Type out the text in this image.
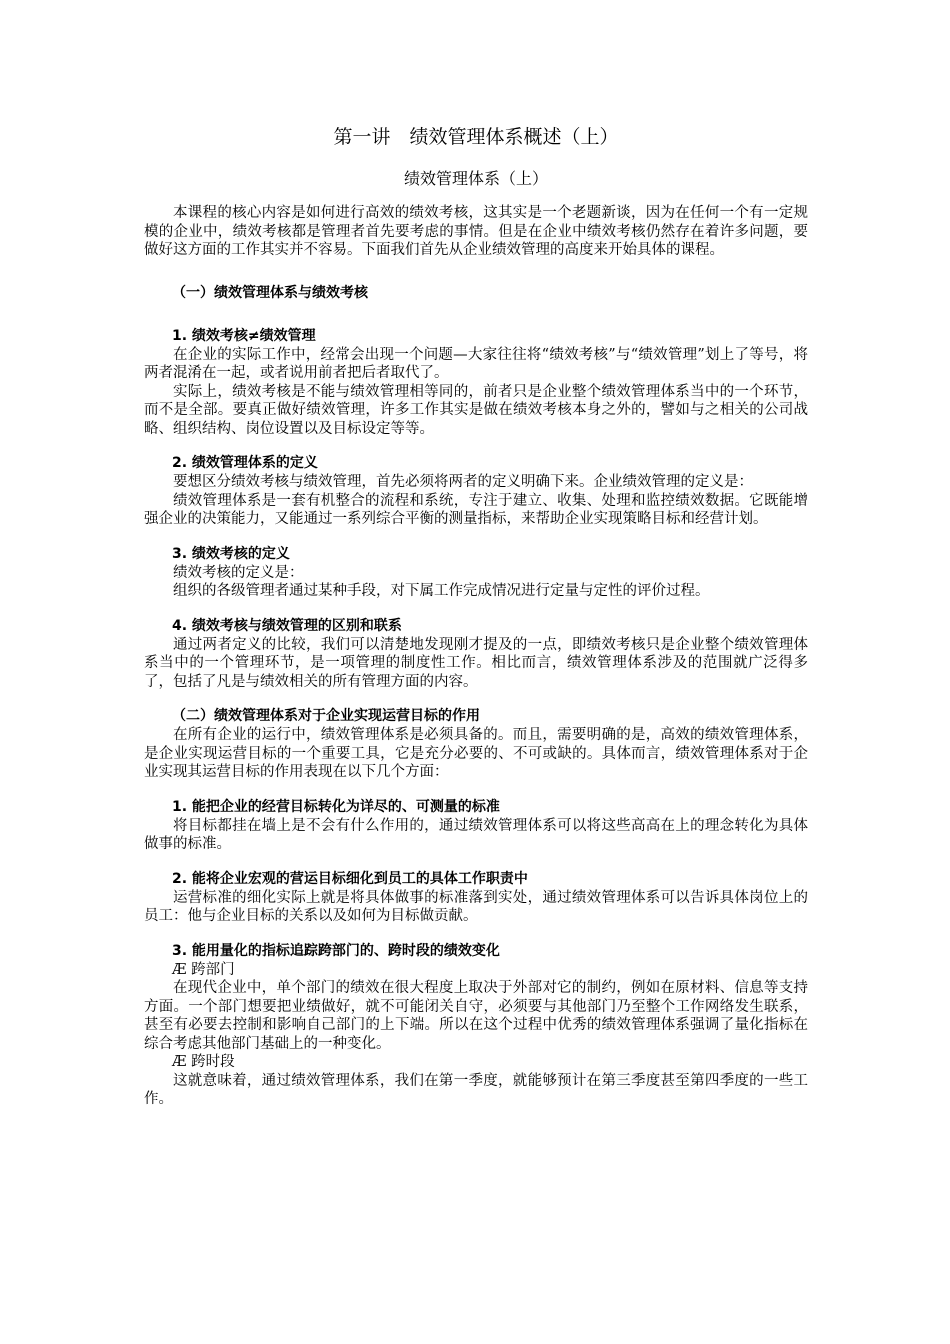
第一讲　绩效管理体系概述（上）
绩效管理体系（上）

本课程的核心内容是如何进行高效的绩效考核，这其实是一个老题新谈，因为在任何一个有一定规模的企业中，绩效考核都是管理者首先要考虑的事情。但是在企业中绩效考核仍然存在着许多问题，要做好这方面的工作其实并不容易。下面我们首先从企业绩效管理的高度来开始具体的课程。

（一）绩效管理体系与绩效考核
1. 绩效考核≠绩效管理

在企业的实际工作中，经常会出现一个问题—大家往往将“绩效考核”与“绩效管理”划上了等号，将两者混淆在一起，或者说用前者把后者取代了。

实际上，绩效考核是不能与绩效管理相等同的，前者只是企业整个绩效管理体系当中的一个环节，而不是全部。要真正做好绩效管理，许多工作其实是做在绩效考核本身之外的，譬如与之相关的公司战略、组织结构、岗位设置以及目标设定等等。

2. 绩效管理体系的定义

要想区分绩效考核与绩效管理，首先必须将两者的定义明确下来。企业绩效管理的定义是：

绩效管理体系是一套有机整合的流程和系统，专注于建立、收集、处理和监控绩效数据。它既能增强企业的决策能力，又能通过一系列综合平衡的测量指标，来帮助企业实现策略目标和经营计划。

3. 绩效考核的定义

绩效考核的定义是：

组织的各级管理者通过某种手段，对下属工作完成情况进行定量与定性的评价过程。

4. 绩效考核与绩效管理的区别和联系

通过两者定义的比较，我们可以清楚地发现刚才提及的一点，即绩效考核只是企业整个绩效管理体系当中的一个管理环节，是一项管理的制度性工作。相比而言，绩效管理体系涉及的范围就广泛得多了，包括了凡是与绩效相关的所有管理方面的内容。

（二）绩效管理体系对于企业实现运营目标的作用

在所有企业的运行中，绩效管理体系是必须具备的。而且，需要明确的是，高效的绩效管理体系，是企业实现运营目标的一个重要工具，它是充分必要的、不可或缺的。具体而言，绩效管理体系对于企业实现其运营目标的作用表现在以下几个方面：

1. 能把企业的经营目标转化为详尽的、可测量的标准

将目标都挂在墙上是不会有什么作用的，通过绩效管理体系可以将这些高高在上的理念转化为具体做事的标准。

2. 能将企业宏观的营运目标细化到员工的具体工作职责中

运营标准的细化实际上就是将具体做事的标准落到实处，通过绩效管理体系可以告诉具体岗位上的员工：他与企业目标的关系以及如何为目标做贡献。

3. 能用量化的指标追踪跨部门的、跨时段的绩效变化
Æ 跨部门

在现代企业中，单个部门的绩效在很大程度上取决于外部对它的制约，例如在原材料、信息等支持方面。一个部门想要把业绩做好，就不可能闭关自守，必须要与其他部门乃至整个工作网络发生联系，甚至有必要去控制和影响自己部门的上下端。所以在这个过程中优秀的绩效管理体系强调了量化指标在综合考虑其他部门基础上的一种变化。

Æ 跨时段

这就意味着，通过绩效管理体系，我们在第一季度，就能够预计在第三季度甚至第四季度的一些工作。
